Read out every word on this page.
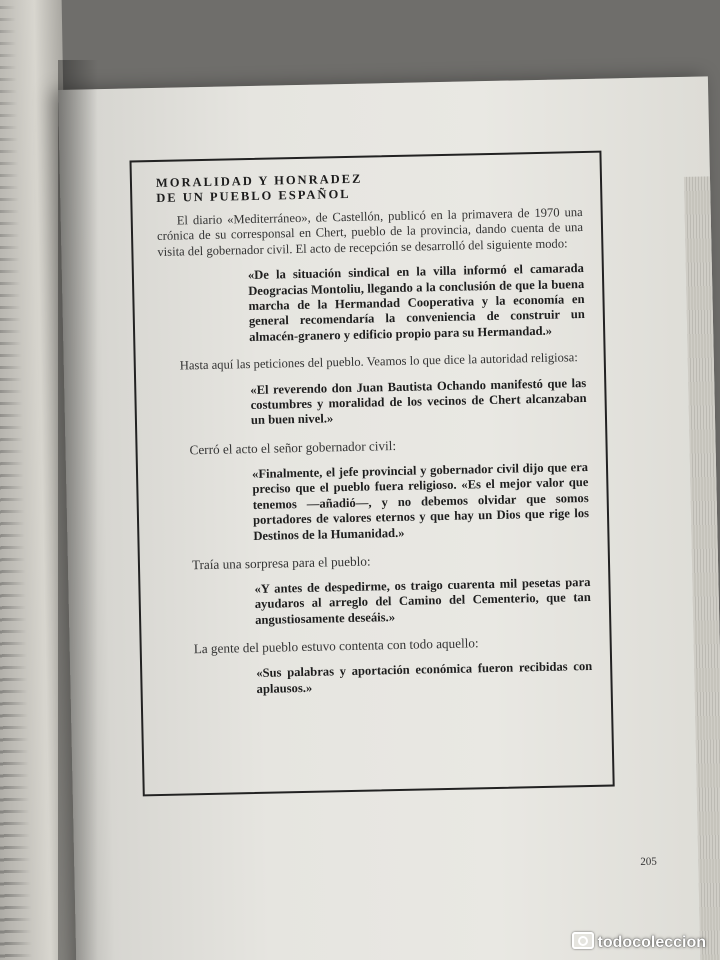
MORALIDAD Y HONRADEZ
DE UN PUEBLO ESPAÑOL

El diario «Mediterráneo», de Castellón, publicó en la primavera de 1970 una crónica de su corresponsal en Chert, pueblo de la provincia, dando cuenta de una visita del gobernador civil. El acto de recepción se desarrolló del siguiente modo:

«De la situación sindical en la villa informó el camarada Deogracias Montoliu, llegando a la conclusión de que la buena marcha de la Hermandad Cooperativa y la economía en general recomendaría la conveniencia de construir un almacén-granero y edificio propio para su Hermandad.»

Hasta aquí las peticiones del pueblo. Veamos lo que dice la autoridad religiosa:

«El reverendo don Juan Bautista Ochando manifestó que las costumbres y moralidad de los vecinos de Chert alcanzaban un buen nivel.»

Cerró el acto el señor gobernador civil:

«Finalmente, el jefe provincial y gobernador civil dijo que era preciso que el pueblo fuera religioso. «Es el mejor valor que tenemos —añadió—, y no debemos olvidar que somos portadores de valores eternos y que hay un Dios que rige los Destinos de la Humanidad.»

Traía una sorpresa para el pueblo:

«Y antes de despedirme, os traigo cuarenta mil pesetas para ayudaros al arreglo del Camino del Cementerio, que tan angustiosamente deseáis.»

La gente del pueblo estuvo contenta con todo aquello:

«Sus palabras y aportación económica fueron recibidas con aplausos.»

205
todocoleccion
